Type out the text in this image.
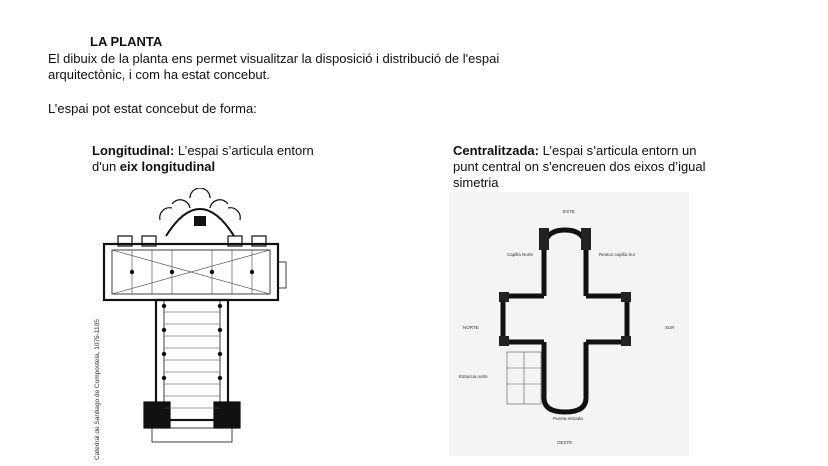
LA PLANTA
El dibuix de la planta ens permet visualitzar la disposició i distribució de l'espai arquitectònic, i com ha estat concebut.
L’espai pot estat concebut de forma:
Longitudinal: L’espai s’articula entorn d'un eix longitudinal
Centralitzada: L’espai s’articula entorn un punt central on s'encreuen dos eixos d’igual simetria
Catedral de Santiago de Compostela, 1075-1105
ESTE
OESTE
NORTE	SUR
Capilla Norte	Restos capilla Sur
Estancia norte
Puerta entrada
